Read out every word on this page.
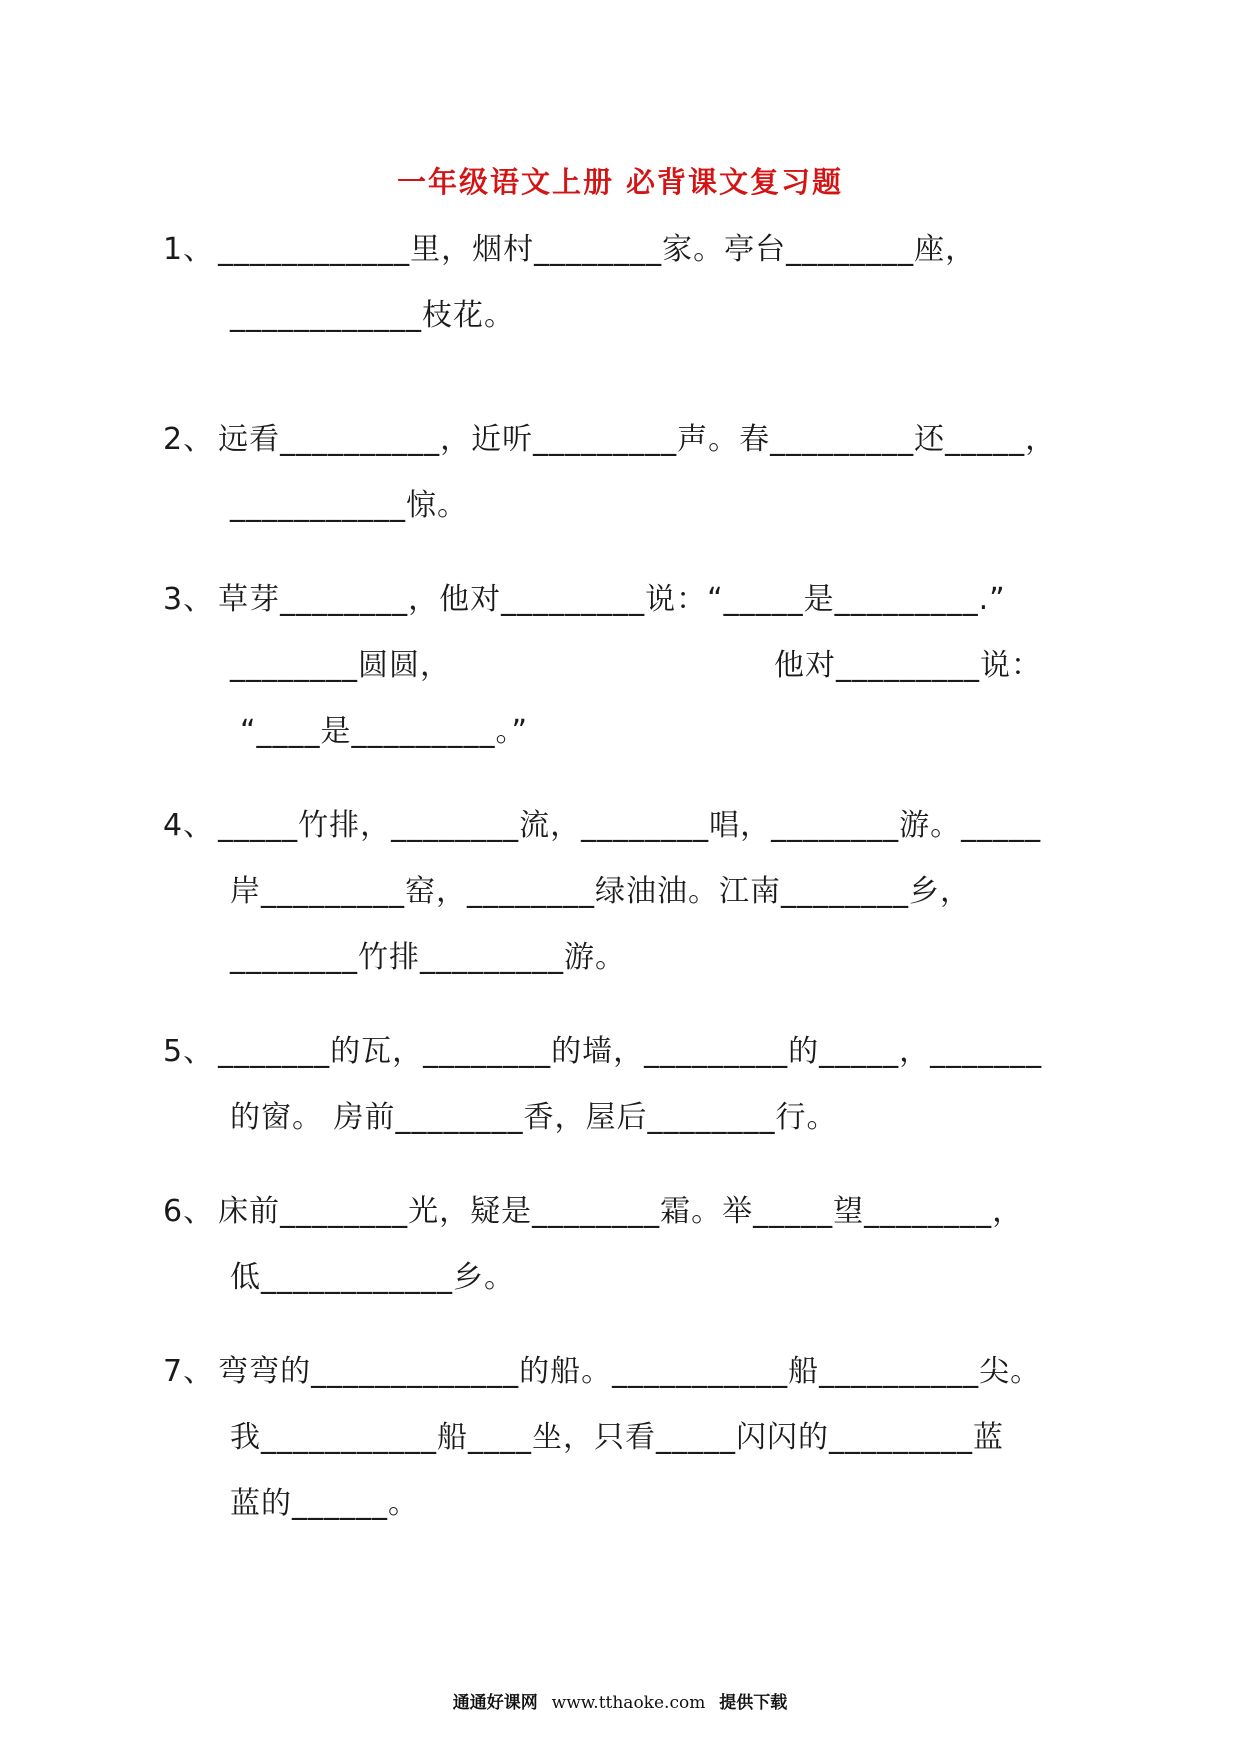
一年级语文上册 必背课文复习题
1、 ____________里，烟村________家。亭台________座，
____________枝花。
2、 远看__________，近听_________声。春_________还_____，
___________惊。
3、 草芽________，他对_________说：“_____是_________.”
________圆圆，	他对_________说：
“____是_________。”
4、 _____竹排，________流，________唱，________游。_____
岸_________窑，________绿油油。江南________乡，
________竹排_________游。
5、 _______的瓦，________的墙，_________的_____，_______
的窗。 房前________香，屋后________行。
6、 床前________光，疑是________霜。举_____望________，
低____________乡。
7、 弯弯的_____________的船。___________船__________尖。
我___________船____坐，只看_____闪闪的_________蓝
蓝的______。
通通好课网 www.tthaoke.com 提供下载
